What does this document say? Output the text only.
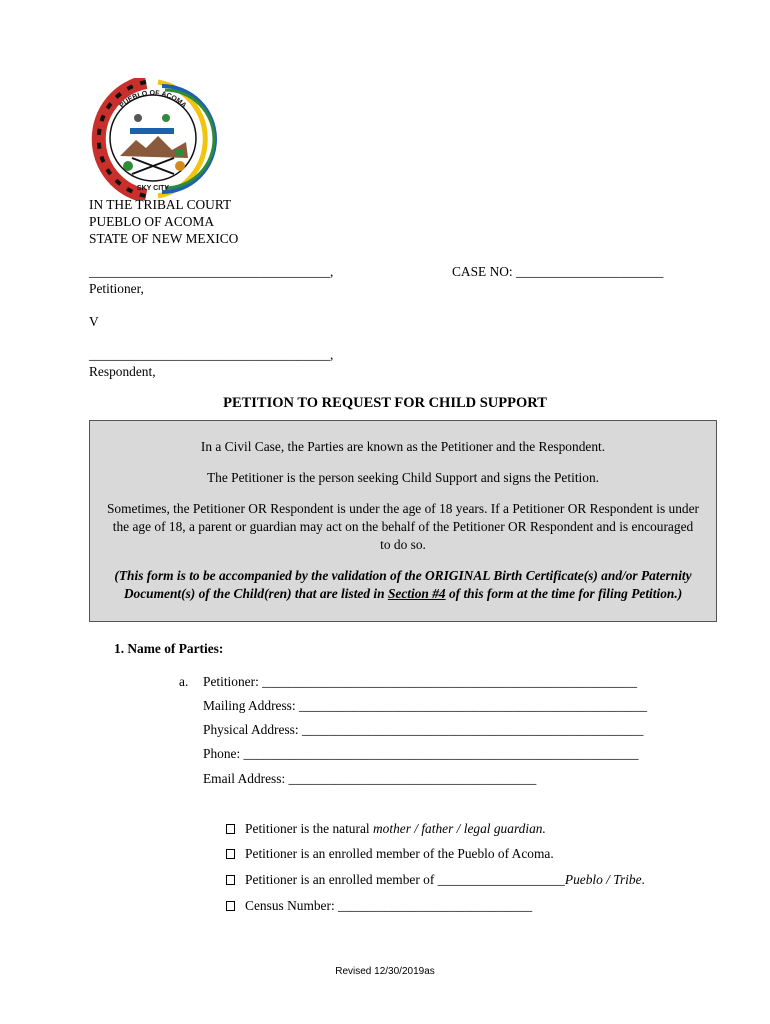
PUEBLO OF ACOMA
SKY CITY
IN THE TRIBAL COURT
PUEBLO OF ACOMA
STATE OF NEW MEXICO
____________________________________,
Petitioner,
CASE NO: ______________________
V
____________________________________,
Respondent,
PETITION TO REQUEST FOR CHILD SUPPORT

In a Civil Case, the Parties are known as the Petitioner and the Respondent.

The Petitioner is the person seeking Child Support and signs the Petition.

Sometimes, the Petitioner OR Respondent is under the age of 18 years. If a Petitioner OR Respondent is under

the age of 18, a parent or guardian may act on the behalf of the Petitioner OR Respondent and is encouraged

to do so.

(This form is to be accompanied by the validation of the ORIGINAL Birth Certificate(s) and/or Paternity

Document(s) of the Child(ren) that are listed in Section #4 of this form at the time for filing Petition.)

1. Name of Parties:
a. Petitioner: ________________________________________________________
Mailing Address: ____________________________________________________
Physical Address: ___________________________________________________
Phone: ___________________________________________________________
Email Address: _____________________________________
Petitioner is the natural mother / father / legal guardian.
Petitioner is an enrolled member of the Pueblo of Acoma.
Petitioner is an enrolled member of ___________________Pueblo / Tribe.
Census Number: _____________________________
Revised 12/30/2019as
